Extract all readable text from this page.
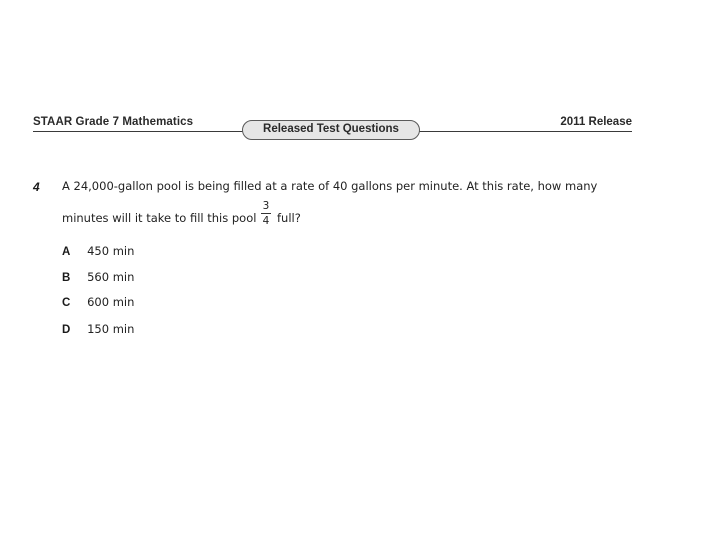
STAAR Grade 7 Mathematics
Released Test Questions
2011 Release
4 A 24,000-gallon pool is being filled at a rate of 40 gallons per minute. At this rate, how many
minutes will it take to fill this pool
3
4 full?
A 450 min
B 560 min
C 600 min
D 150 min
